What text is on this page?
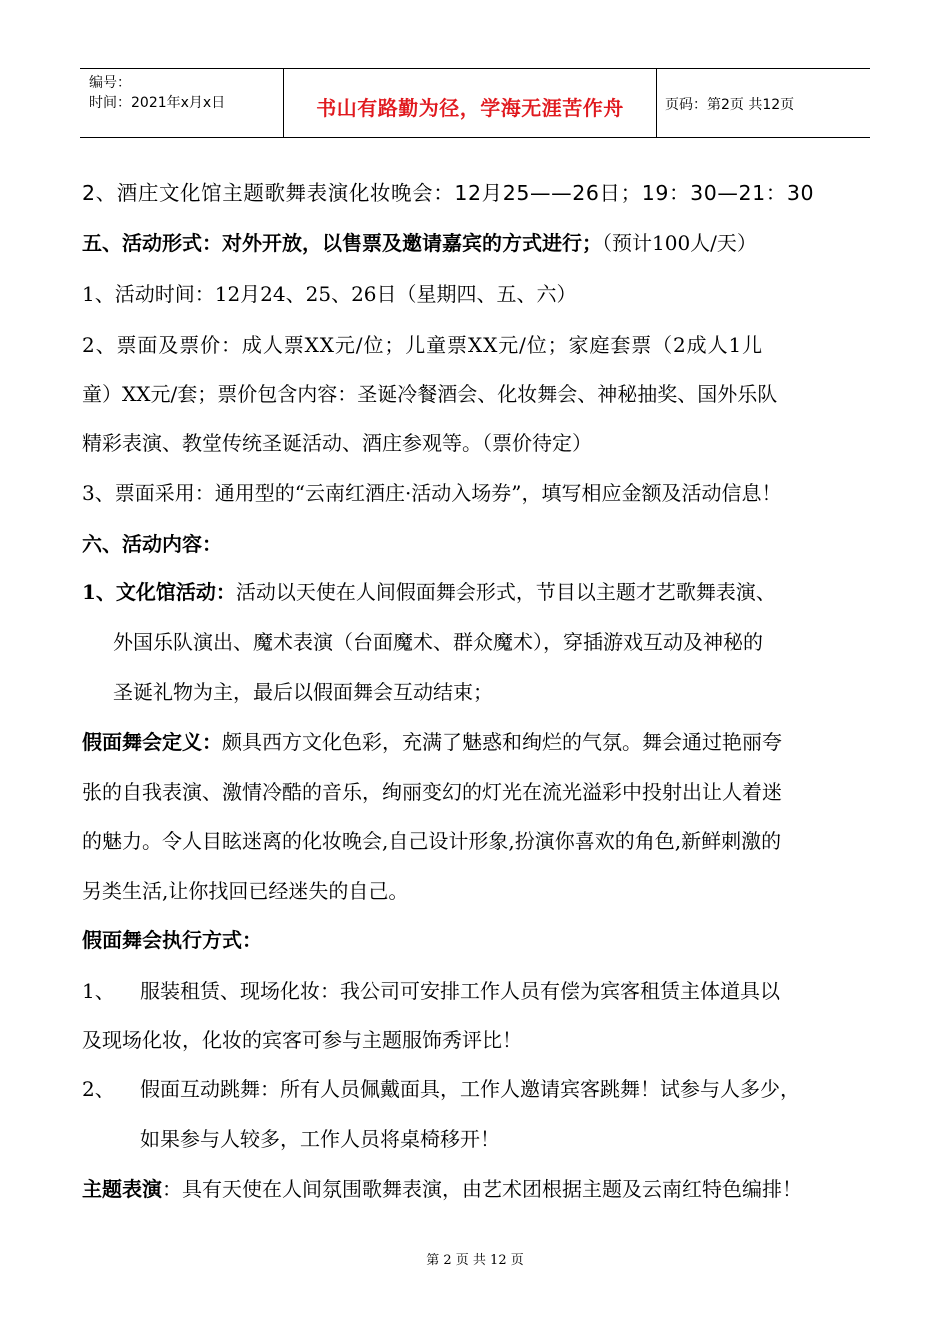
编号：
时间：2021年x月x日	书山有路勤为径，学海无涯苦作舟	页码：第2页 共12页
2、酒庄文化馆主题歌舞表演化妆晚会：12月25——26日；19：30—21：30
五、活动形式：对外开放，以售票及邀请嘉宾的方式进行；（预计100人/天）
1、活动时间：12月24、25、26日（星期四、五、六）
2、票面及票价：成人票XX元/位；儿童票XX元/位；家庭套票（2成人1儿
童）XX元/套；票价包含内容：圣诞冷餐酒会、化妆舞会、神秘抽奖、国外乐队
精彩表演、教堂传统圣诞活动、酒庄参观等。（票价待定）
3、票面采用：通用型的“云南红酒庄·活动入场券”，填写相应金额及活动信息！
六、活动内容：
1、文化馆活动：活动以天使在人间假面舞会形式，节目以主题才艺歌舞表演、
外国乐队演出、魔术表演（台面魔术、群众魔术），穿插游戏互动及神秘的
圣诞礼物为主，最后以假面舞会互动结束；
假面舞会定义：颇具西方文化色彩，充满了魅惑和绚烂的气氛。舞会通过艳丽夸
张的自我表演、激情冷酷的音乐，绚丽变幻的灯光在流光溢彩中投射出让人着迷
的魅力。令人目眩迷离的化妆晚会,自己设计形象,扮演你喜欢的角色,新鲜刺激的
另类生活,让你找回已经迷失的自己。
假面舞会执行方式：
1、 服装租赁、现场化妆：我公司可安排工作人员有偿为宾客租赁主体道具以
及现场化妆，化妆的宾客可参与主题服饰秀评比！
2、 假面互动跳舞：所有人员佩戴面具，工作人邀请宾客跳舞！试参与人多少，
如果参与人较多，工作人员将桌椅移开！
主题表演：具有天使在人间氛围歌舞表演，由艺术团根据主题及云南红特色编排！
第 2 页 共 12 页
